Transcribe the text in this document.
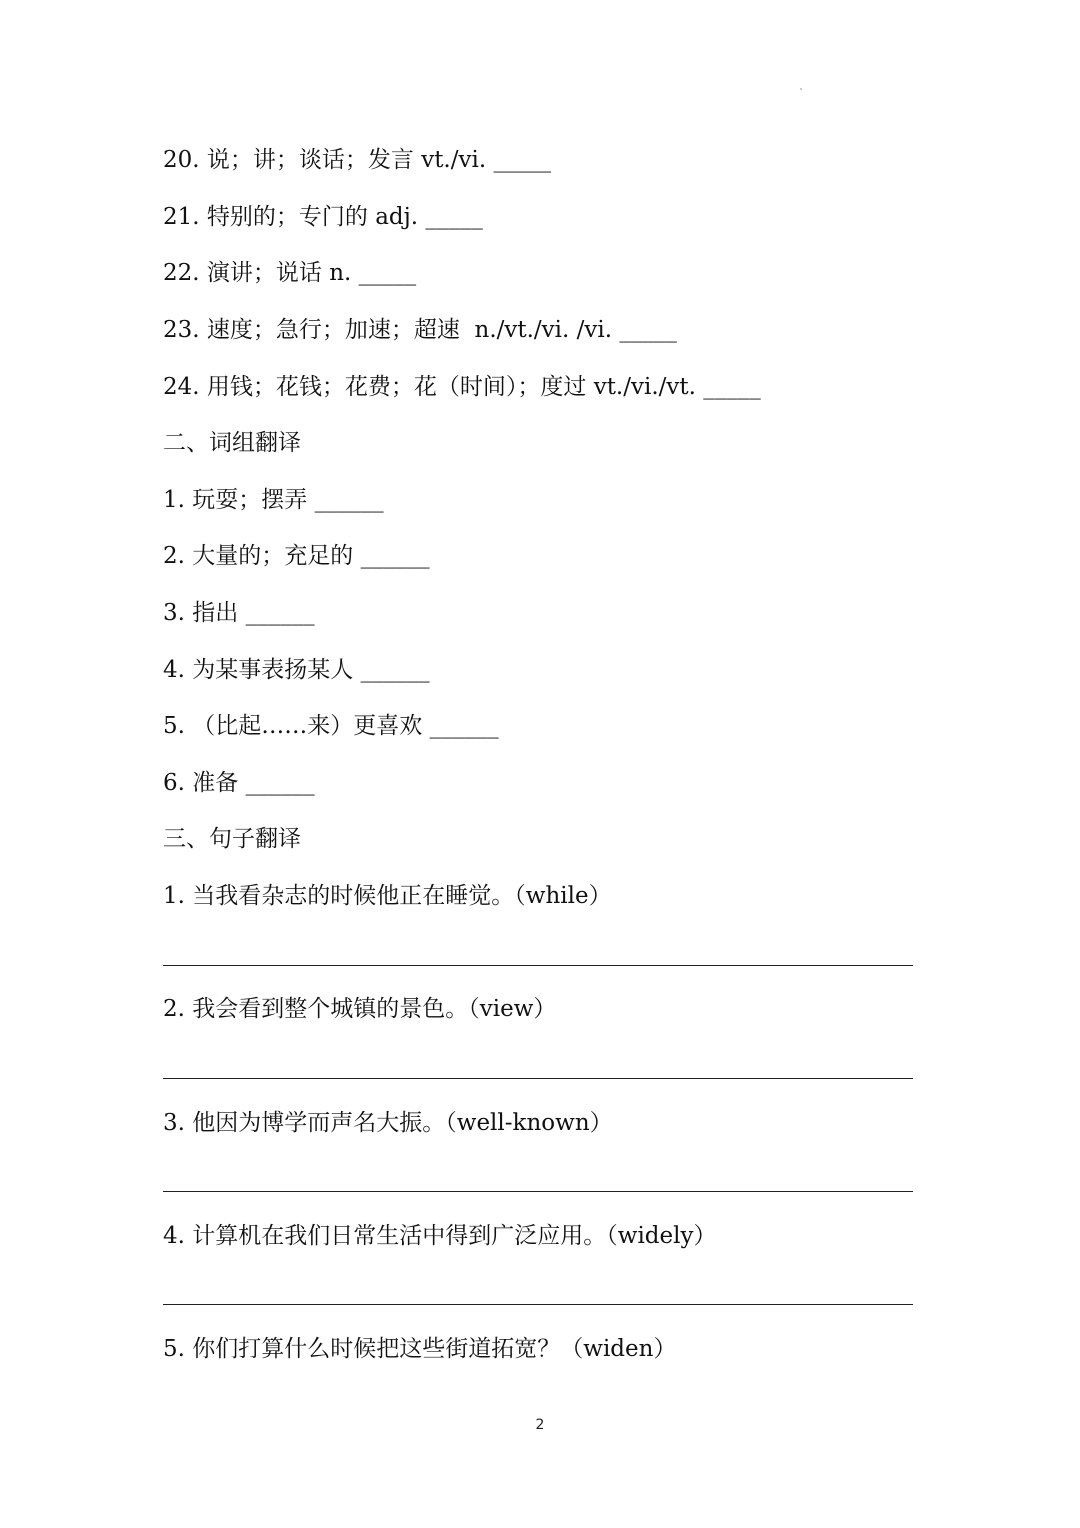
20. 说；讲；谈话；发言 vt./vi. _____
21. 特别的；专门的 adj. _____
22. 演讲；说话 n. _____
23. 速度；急行；加速；超速  n./vt./vi. /vi. _____
24. 用钱；花钱；花费；花（时间）；度过 vt./vi./vt. _____
二、词组翻译
1. 玩耍；摆弄 ______
2. 大量的；充足的 ______
3. 指出 ______
4. 为某事表扬某人 ______
5. （比起……来）更喜欢 ______
6. 准备 ______
三、句子翻译
1. 当我看杂志的时候他正在睡觉。（while）
2. 我会看到整个城镇的景色。（view）
3. 他因为博学而声名大振。（well-known）
4. 计算机在我们日常生活中得到广泛应用。（widely）
5. 你们打算什么时候把这些街道拓宽？（widen）
2
